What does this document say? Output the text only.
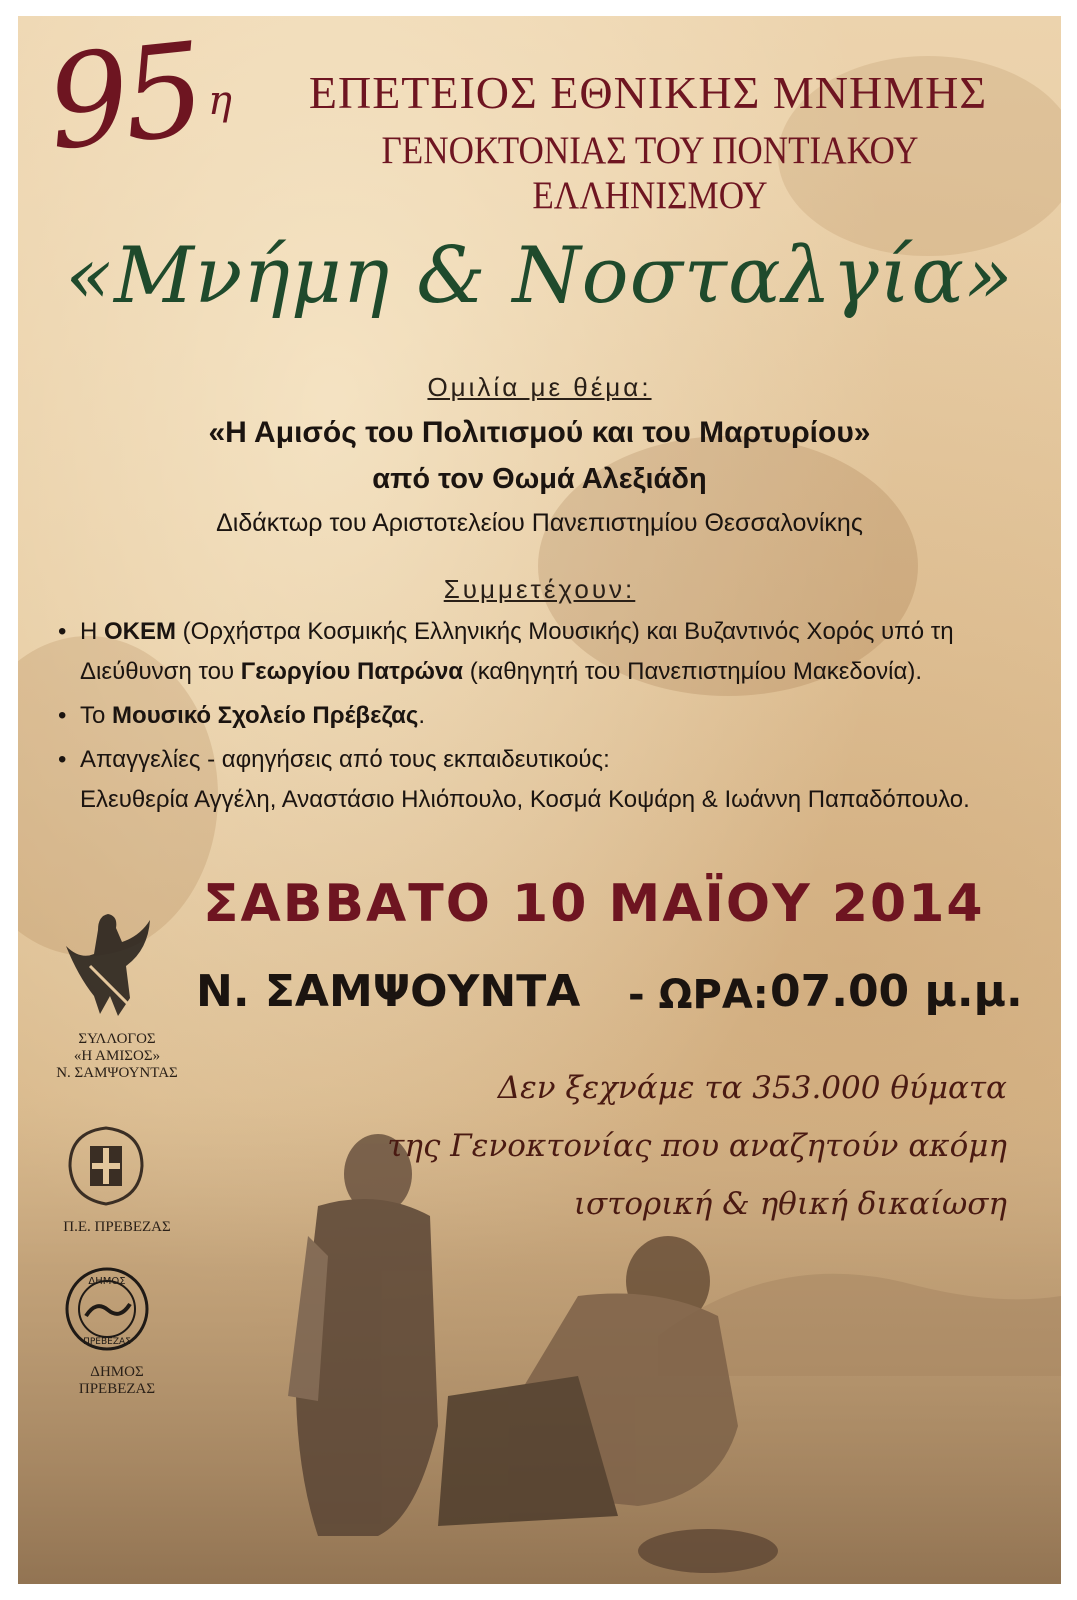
95 η	ΕΠΕΤΕΙΟΣ ΕΘΝΙΚΗΣ ΜΝΗΜΗΣ
ΓΕΝΟΚΤΟΝΙΑΣ ΤΟΥ ΠΟΝΤΙΑΚΟΥ ΕΛΛΗΝΙΣΜΟΥ
«Μνήμη & Νοσταλγία»
Ομιλία με θέμα:
«Η Αμισός του Πολιτισμού και του Μαρτυρίου»
από τον Θωμά Αλεξιάδη
Διδάκτωρ του Αριστοτελείου Πανεπιστημίου Θεσσαλονίκης
Συμμετέχουν:
• Η ΟΚΕΜ (Ορχήστρα Κοσμικής Ελληνικής Μουσικής) και Βυζαντινός Χορός υπό τη
Διεύθυνση του Γεωργίου Πατρώνα (καθηγητή του Πανεπιστημίου Μακεδονία).
• Το Μουσικό Σχολείο Πρέβεζας.
• Απαγγελίες - αφηγήσεις από τους εκπαιδευτικούς:
Ελευθερία Αγγέλη, Αναστάσιο Ηλιόπουλο, Κοσμά Κοψάρη & Ιωάννη Παπαδόπουλο.
ΣΑΒΒΑΤΟ 10 ΜΑΪΟΥ 2014
Ν. ΣΑΜΨΟΥΝΤΑ - ΩΡΑ: 07.00 μ.μ.
Δεν ξεχνάμε τα 353.000 θύματα
της Γενοκτονίας που αναζητούν ακόμη
ιστορική & ηθική δικαίωση
ΣΥΛΛΟΓΟΣ
«Η ΑΜΙΣΟΣ»
Ν. ΣΑΜΨΟΥΝΤΑΣ
Π.Ε. ΠΡΕΒΕΖΑΣ
ΔΗΜΟΣ
ΠΡΕΒΕΖΑΣ
ΔΗΜΟΣ
ΠΡΕΒΕΖΑΣ
